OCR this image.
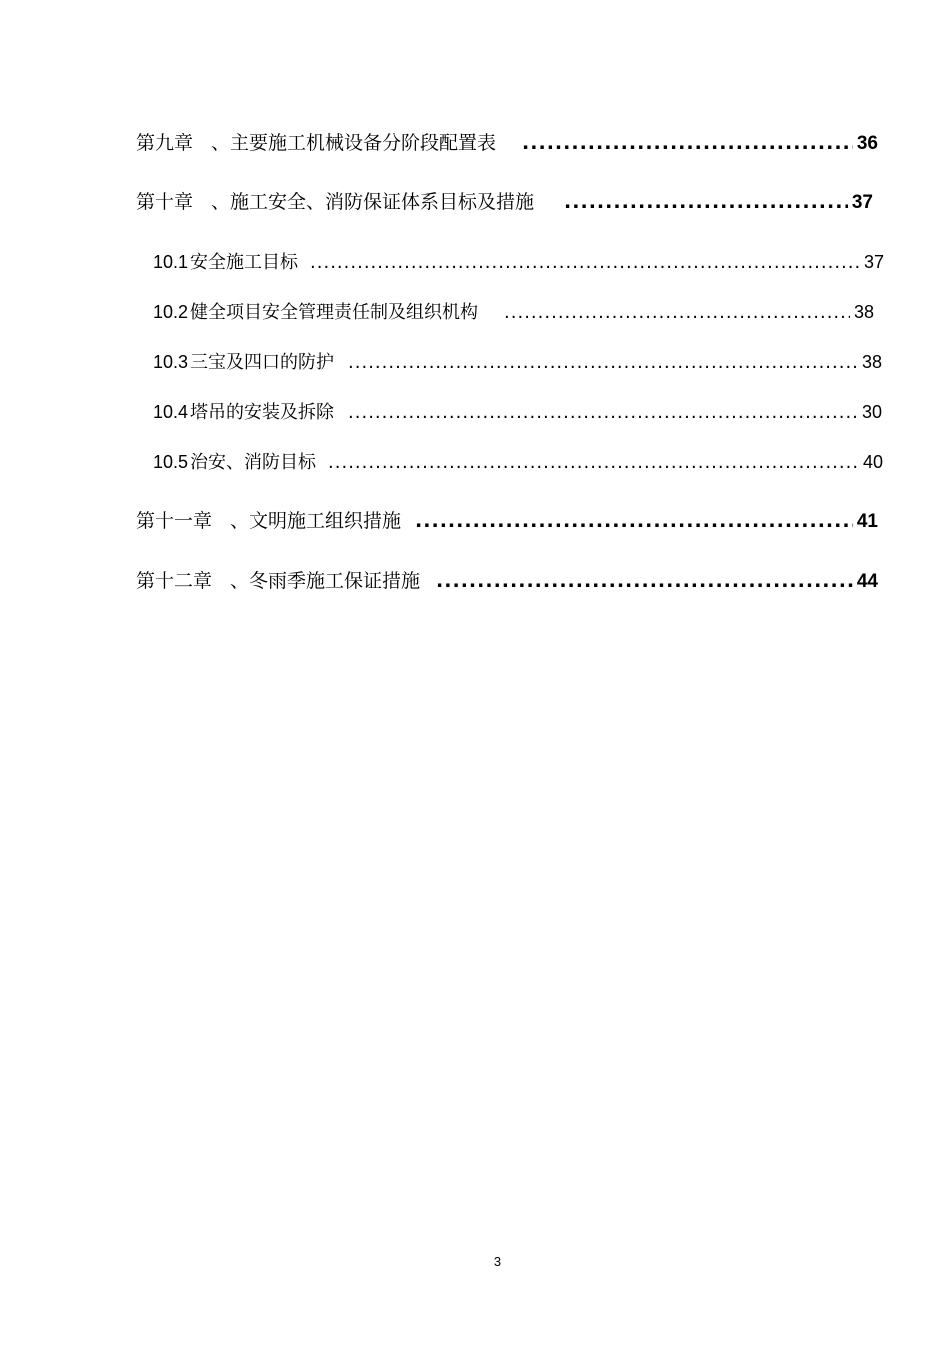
第九章 、 主要施工机械设备分阶段配置表 .....	36
第十章 、 施工安全、消防保证体系目标及措施 .....	37
10.1 安全施工目标 .....	37
10.2 健全项目安全管理责任制及组织机构 .....	38
10.3 三宝及四口的防护 .....	38
10.4 塔吊的安装及拆除 .....	30
10.5 治安、消防目标 .....	40
第十一章 、 文明施工组织措施 .....	41
第十二章 、 冬雨季施工保证措施 .....	44
3
